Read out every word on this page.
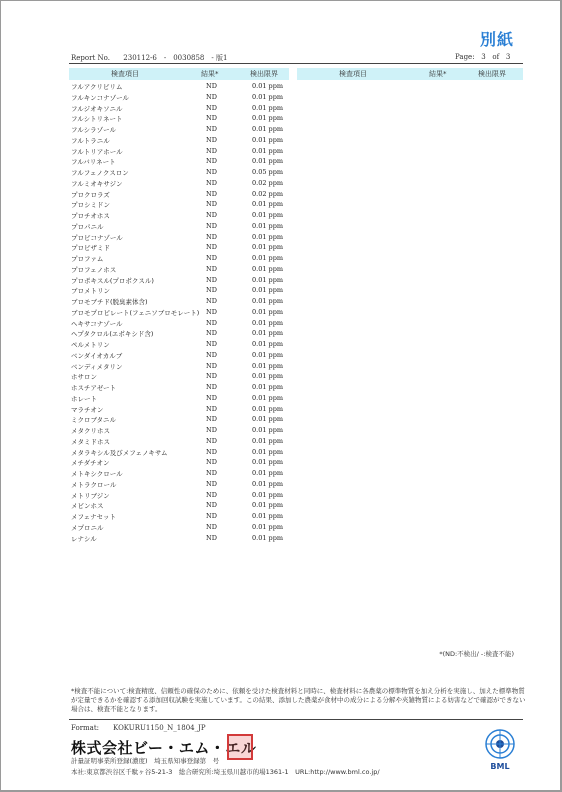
別紙
Report No. 230112-6　-　0030858　- 版1	Page: 3 of 3
検査項目	結果*	検出限界	検査項目	結果*	検出限界
フルアクリピリム	ND	0.01 ppm
フルキンコナゾール	ND	0.01 ppm
フルジオキソニル	ND	0.01 ppm
フルシトリネート	ND	0.01 ppm
フルシラゾール	ND	0.01 ppm
フルトラニル	ND	0.01 ppm
フルトリアホール	ND	0.01 ppm
フルバリネート	ND	0.01 ppm
フルフェノクスロン	ND	0.05 ppm
フルミオキサジン	ND	0.02 ppm
プロクロラズ	ND	0.02 ppm
プロシミドン	ND	0.01 ppm
プロチオホス	ND	0.01 ppm
プロパニル	ND	0.01 ppm
プロピコナゾール	ND	0.01 ppm
プロピザミド	ND	0.01 ppm
プロファム	ND	0.01 ppm
プロフェノホス	ND	0.01 ppm
プロポキスル(プロポクスル)	ND	0.01 ppm
ブロメトリン	ND	0.01 ppm
ブロモブチド(脱臭素体含)	ND	0.01 ppm
ブロモプロピレート(フェニソブロモレート) ND	0.01 ppm
ヘキサコナゾール	ND	0.01 ppm
ヘプタクロル(エポキシド含)	ND	0.01 ppm
ペルメトリン	ND	0.01 ppm
ベンダイオカルブ	ND	0.01 ppm
ベンディメタリン	ND	0.01 ppm
ホサロン	ND	0.01 ppm
ホスチアゼート	ND	0.01 ppm
ホレート	ND	0.01 ppm
マラチオン	ND	0.01 ppm
ミクロブタニル	ND	0.01 ppm
メタクリホス	ND	0.01 ppm
メタミドホス	ND	0.01 ppm
メタラキシル及びメフェノキサム	ND	0.01 ppm
メチダチオン	ND	0.01 ppm
メトキシクロール	ND	0.01 ppm
メトラクロール	ND	0.01 ppm
メトリブジン	ND	0.01 ppm
メビンホス	ND	0.01 ppm
メフェナセット	ND	0.01 ppm
メプロニル	ND	0.01 ppm
レナシル	ND	0.01 ppm
*(ND:不検出/ -:検査不能)
*検査不能について:検査精度、信頼性の確保のために、依頼を受けた検査材料と同時に、検査材料に各農薬の標準物質を加え分析を実施し、加えた標準物質が定量できるかを確認する添加回収試験を実施しています。この結果、添加した農薬が食材中の成分による分解や夾雑物質による妨害などで確認ができない場合は、検査不能となります。
Format: KOKURU1150_N_1804_JP
株式会社ビー・エム・エル
計量証明事業所登録(濃度)　埼玉県知事登録第　号
本社:東京都渋谷区千駄ヶ谷5-21-3　総合研究所:埼玉県川越市的場1361-1　URL:http://www.bml.co.jp/
BML
